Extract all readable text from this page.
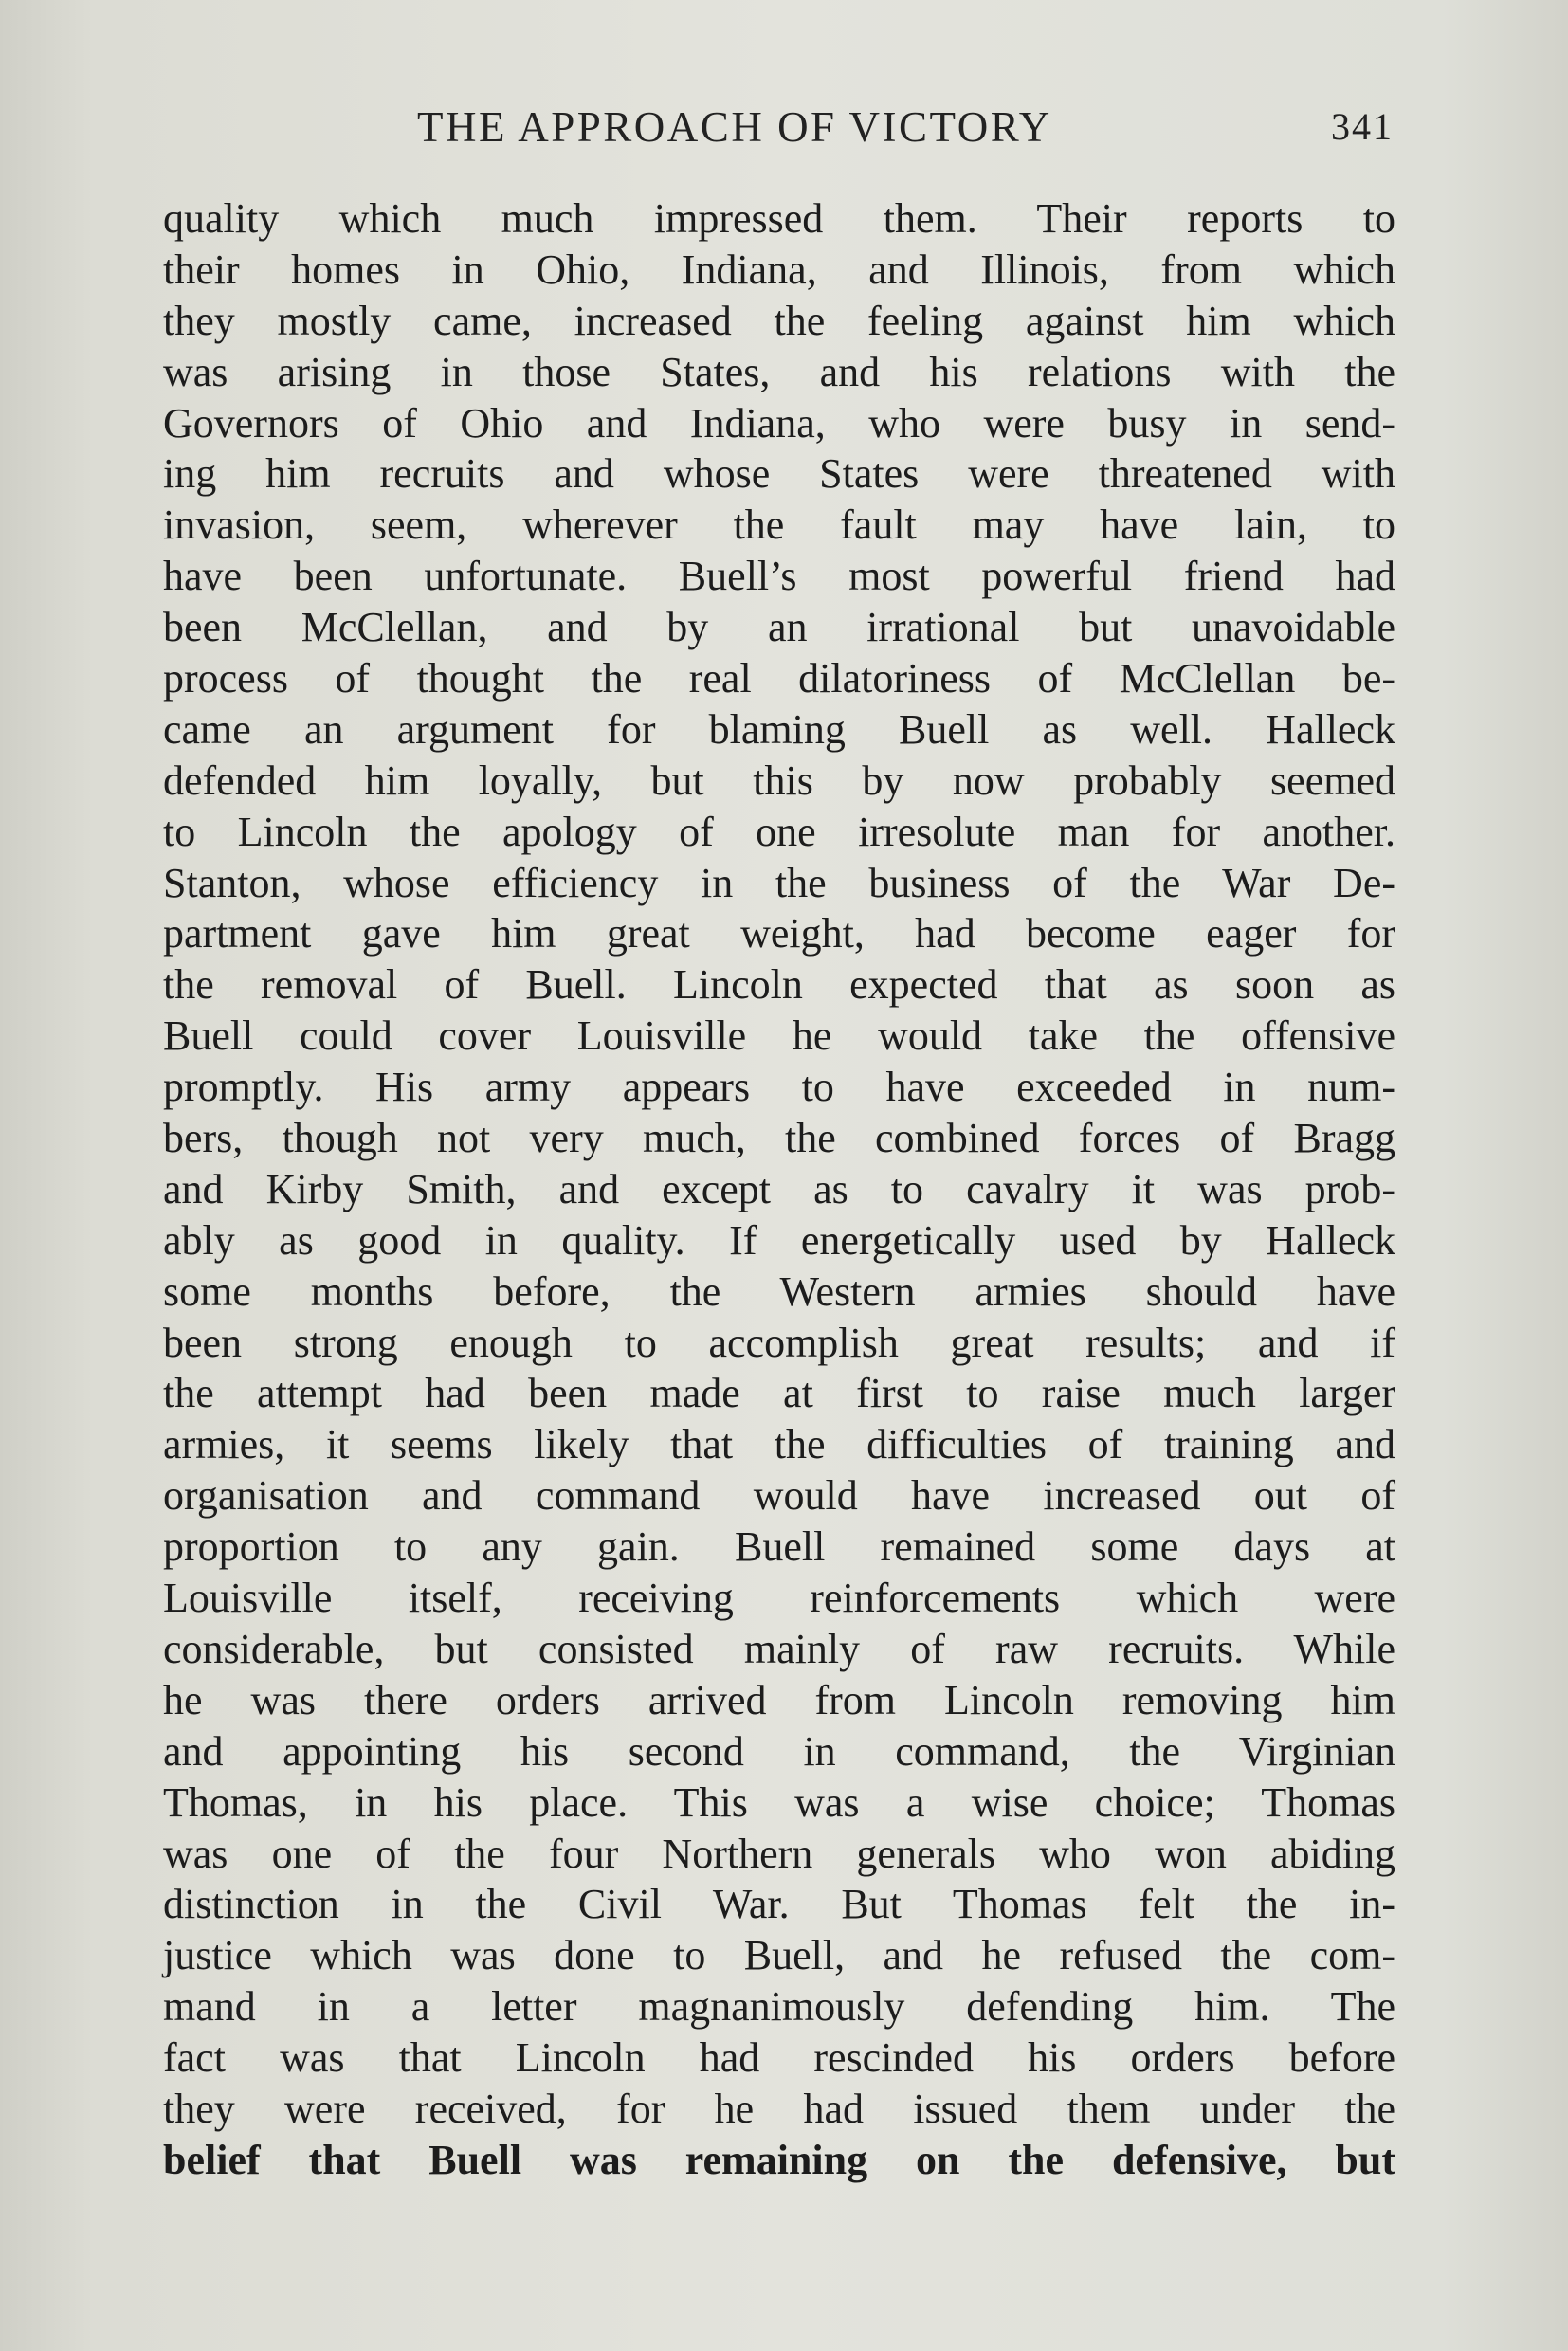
THE APPROACH OF VICTORY	341
quality which much impressed them. Their reports to
their homes in Ohio, Indiana, and Illinois, from which
they mostly came, increased the feeling against him which
was arising in those States, and his relations with the
Governors of Ohio and Indiana, who were busy in send-
ing him recruits and whose States were threatened with
invasion, seem, wherever the fault may have lain, to
have been unfortunate. Buell’s most powerful friend had
been McClellan, and by an irrational but unavoidable
process of thought the real dilatoriness of McClellan be-
came an argument for blaming Buell as well. Halleck
defended him loyally, but this by now probably seemed
to Lincoln the apology of one irresolute man for another.
Stanton, whose efficiency in the business of the War De-
partment gave him great weight, had become eager for
the removal of Buell. Lincoln expected that as soon as
Buell could cover Louisville he would take the offensive
promptly. His army appears to have exceeded in num-
bers, though not very much, the combined forces of Bragg
and Kirby Smith, and except as to cavalry it was prob-
ably as good in quality. If energetically used by Halleck
some months before, the Western armies should have
been strong enough to accomplish great results; and if
the attempt had been made at first to raise much larger
armies, it seems likely that the difficulties of training and
organisation and command would have increased out of
proportion to any gain. Buell remained some days at
Louisville itself, receiving reinforcements which were
considerable, but consisted mainly of raw recruits. While
he was there orders arrived from Lincoln removing him
and appointing his second in command, the Virginian
Thomas, in his place. This was a wise choice; Thomas
was one of the four Northern generals who won abiding
distinction in the Civil War. But Thomas felt the in-
justice which was done to Buell, and he refused the com-
mand in a letter magnanimously defending him. The
fact was that Lincoln had rescinded his orders before
they were received, for he had issued them under the
belief that Buell was remaining on the defensive, but
